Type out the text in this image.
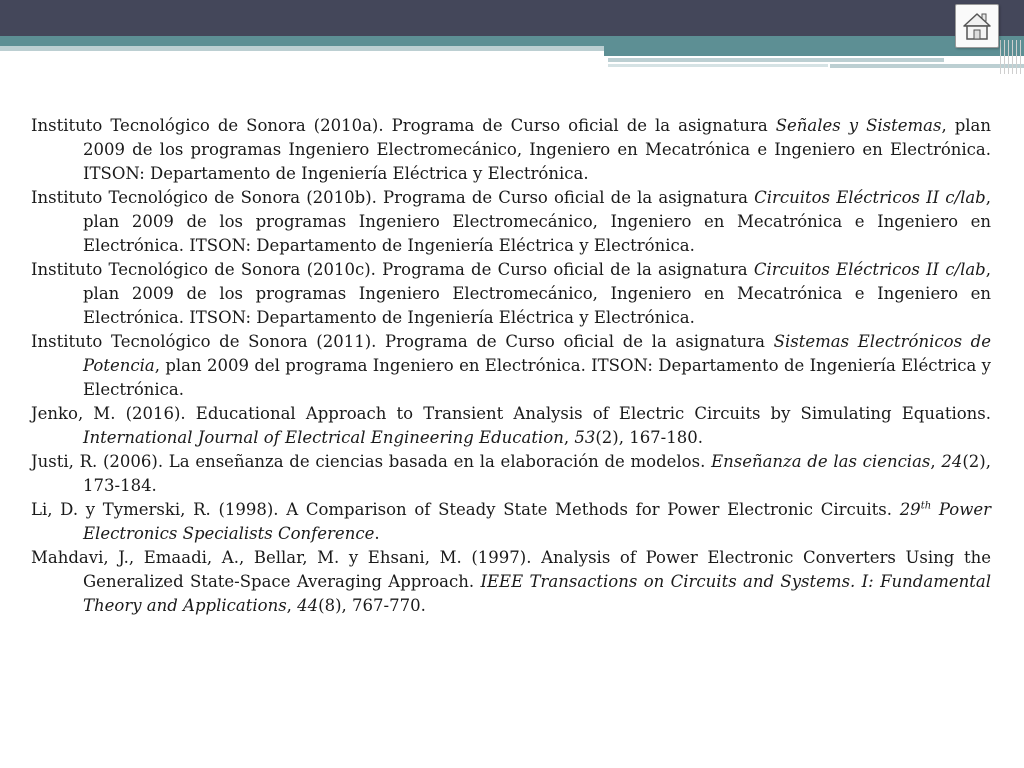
Instituto Tecnológico de Sonora (2010a). Programa de Curso oficial de la asignatura Señales y Sistemas, plan 2009 de los programas Ingeniero Electromecánico, Ingeniero en Mecatrónica e Ingeniero en Electrónica. ITSON: Departamento de Ingeniería Eléctrica y Electrónica.

Instituto Tecnológico de Sonora (2010b). Programa de Curso oficial de la asignatura Circuitos Eléctricos II c/lab, plan 2009 de los programas Ingeniero Electromecánico, Ingeniero en Mecatrónica e Ingeniero en Electrónica. ITSON: Departamento de Ingeniería Eléctrica y Electrónica.

Instituto Tecnológico de Sonora (2010c). Programa de Curso oficial de la asignatura Circuitos Eléctricos II c/lab, plan 2009 de los programas Ingeniero Electromecánico, Ingeniero en Mecatrónica e Ingeniero en Electrónica. ITSON: Departamento de Ingeniería Eléctrica y Electrónica.

Instituto Tecnológico de Sonora (2011). Programa de Curso oficial de la asignatura Sistemas Electrónicos de Potencia, plan 2009 del programa Ingeniero en Electrónica. ITSON: Departamento de Ingeniería Eléctrica y Electrónica.

Jenko, M. (2016). Educational Approach to Transient Analysis of Electric Circuits by Simulating Equations. International Journal of Electrical Engineering Education, 53(2), 167-180.

Justi, R. (2006). La enseñanza de ciencias basada en la elaboración de modelos. Enseñanza de las ciencias, 24(2), 173-184.

Li, D. y Tymerski, R. (1998). A Comparison of Steady State Methods for Power Electronic Circuits. 29th Power Electronics Specialists Conference.

Mahdavi, J., Emaadi, A., Bellar, M. y Ehsani, M. (1997). Analysis of Power Electronic Converters Using the Generalized State-Space Averaging Approach. IEEE Transactions on Circuits and Systems. I: Fundamental Theory and Applications, 44(8), 767-770.
